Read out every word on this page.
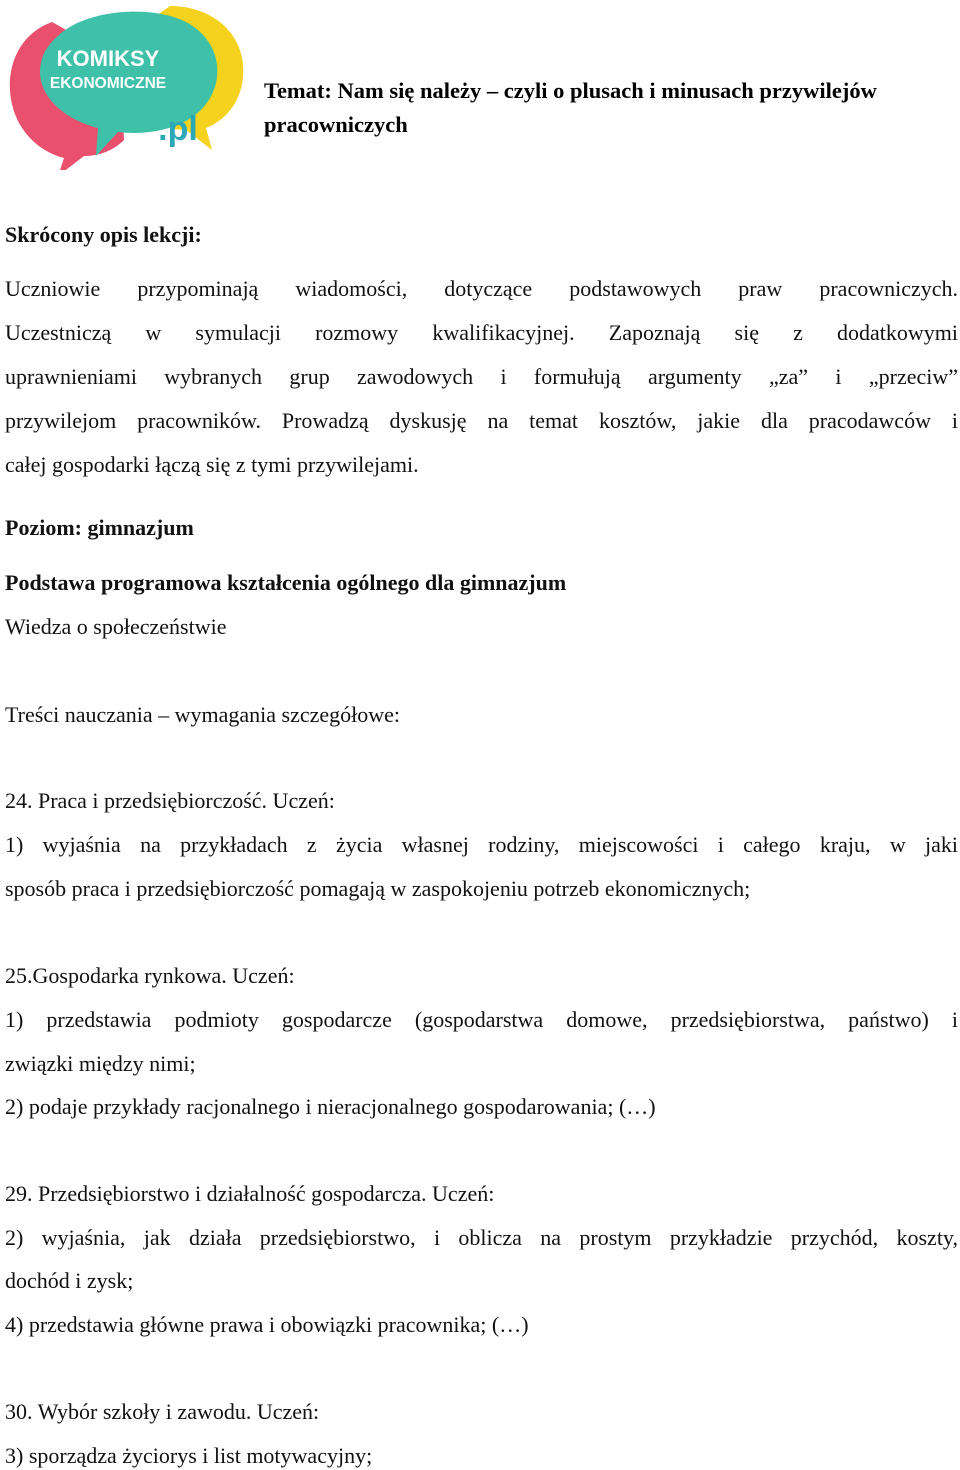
KOMIKSY
EKONOMICZNE
.pl
Temat: Nam się należy – czyli o plusach i minusach przywilejów
pracowniczych
Skrócony opis lekcji:
Uczniowie przypominają wiadomości, dotyczące podstawowych praw pracowniczych.
Uczestniczą w symulacji rozmowy kwalifikacyjnej. Zapoznają się z dodatkowymi
uprawnieniami wybranych grup zawodowych i formułują argumenty „za” i „przeciw”
przywilejom pracowników. Prowadzą dyskusję na temat kosztów, jakie dla pracodawców i
całej gospodarki łączą się z tymi przywilejami.
Poziom: gimnazjum
Podstawa programowa kształcenia ogólnego dla gimnazjum
Wiedza o społeczeństwie
Treści nauczania – wymagania szczegółowe:
24. Praca i przedsiębiorczość. Uczeń:
1) wyjaśnia na przykładach z życia własnej rodziny, miejscowości i całego kraju, w jaki
sposób praca i przedsiębiorczość pomagają w zaspokojeniu potrzeb ekonomicznych;
25.Gospodarka rynkowa. Uczeń:
1) przedstawia podmioty gospodarcze (gospodarstwa domowe, przedsiębiorstwa, państwo) i
związki między nimi;
2) podaje przykłady racjonalnego i nieracjonalnego gospodarowania; (…)
29. Przedsiębiorstwo i działalność gospodarcza. Uczeń:
2) wyjaśnia, jak działa przedsiębiorstwo, i oblicza na prostym przykładzie przychód, koszty,
dochód i zysk;
4) przedstawia główne prawa i obowiązki pracownika; (…)
30. Wybór szkoły i zawodu. Uczeń:
3) sporządza życiorys i list motywacyjny;
